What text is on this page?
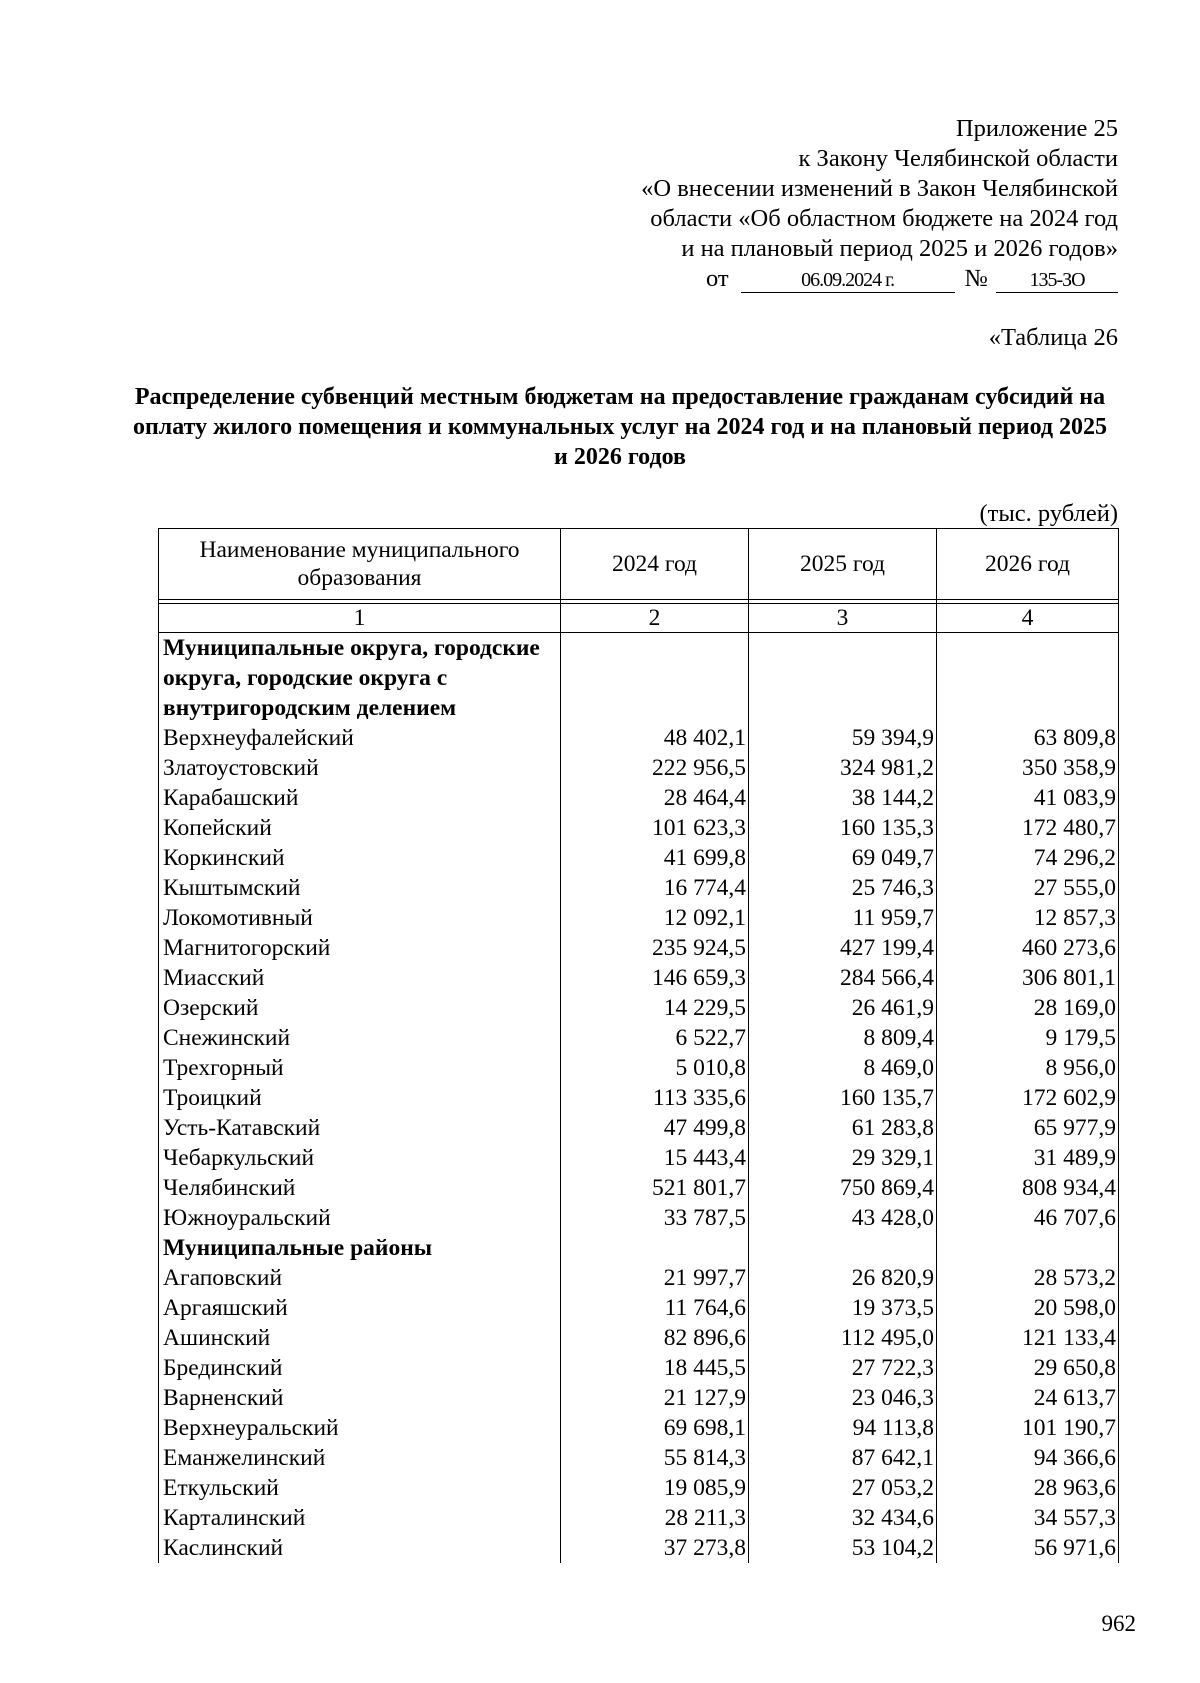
Приложение 25
к Закону Челябинской области
«О внесении изменений в Закон Челябинской
области «Об областном бюджете на 2024 год
и на плановый период 2025 и 2026 годов»
от	06.09.2024 г.	№	135-ЗО
«Таблица 26
Распределение субвенций местным бюджетам на предоставление гражданам субсидий на оплату жилого помещения и коммунальных услуг на 2024 год и на плановый период 2025 и 2026 годов
(тыс. рублей)
Наименование муниципального образования	2024 год	2025 год	2026 год

1	2	3	4
Муниципальные округа, городские округа, городские округа с внутригородским делением			
Верхнеуфалейский	48 402,1	59 394,9	63 809,8
Златоустовский	222 956,5	324 981,2	350 358,9
Карабашский	28 464,4	38 144,2	41 083,9
Копейский	101 623,3	160 135,3	172 480,7
Коркинский	41 699,8	69 049,7	74 296,2
Кыштымский	16 774,4	25 746,3	27 555,0
Локомотивный	12 092,1	11 959,7	12 857,3
Магнитогорский	235 924,5	427 199,4	460 273,6
Миасский	146 659,3	284 566,4	306 801,1
Озерский	14 229,5	26 461,9	28 169,0
Снежинский	6 522,7	8 809,4	9 179,5
Трехгорный	5 010,8	8 469,0	8 956,0
Троицкий	113 335,6	160 135,7	172 602,9
Усть-Катавский	47 499,8	61 283,8	65 977,9
Чебаркульский	15 443,4	29 329,1	31 489,9
Челябинский	521 801,7	750 869,4	808 934,4
Южноуральский	33 787,5	43 428,0	46 707,6
Муниципальные районы			
Агаповский	21 997,7	26 820,9	28 573,2
Аргаяшский	11 764,6	19 373,5	20 598,0
Ашинский	82 896,6	112 495,0	121 133,4
Брединский	18 445,5	27 722,3	29 650,8
Варненский	21 127,9	23 046,3	24 613,7
Верхнеуральский	69 698,1	94 113,8	101 190,7
Еманжелинский	55 814,3	87 642,1	94 366,6
Еткульский	19 085,9	27 053,2	28 963,6
Карталинский	28 211,3	32 434,6	34 557,3
Каслинский	37 273,8	53 104,2	56 971,6
962
